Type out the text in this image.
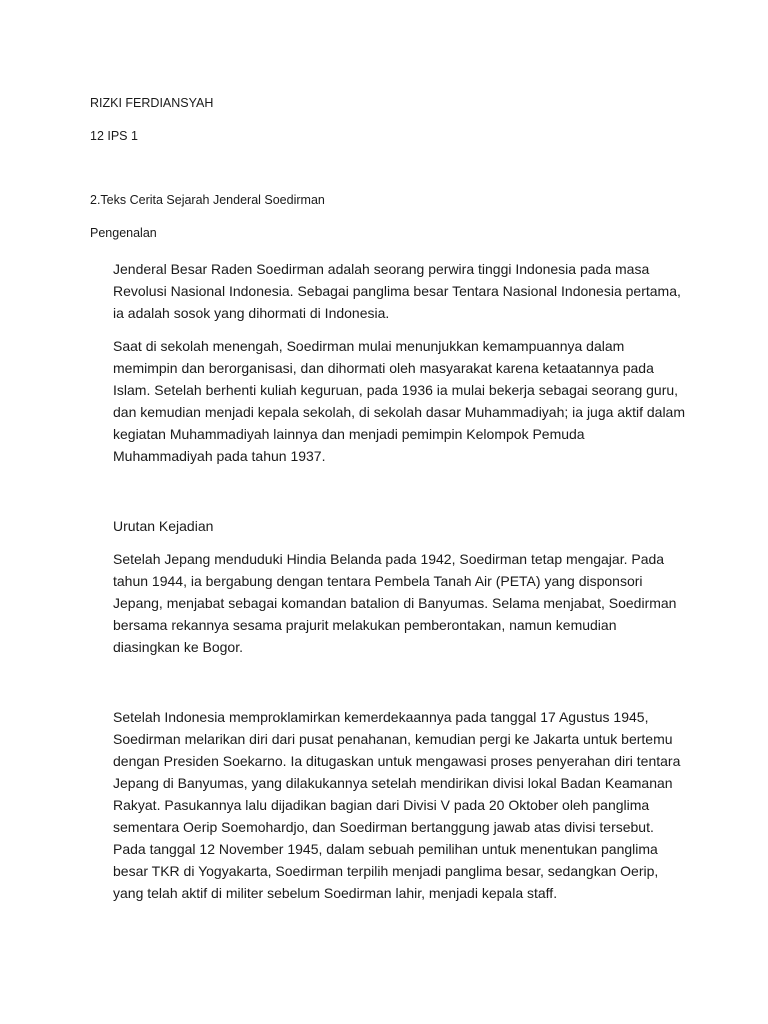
RIZKI FERDIANSYAH

12 IPS 1

2.Teks Cerita Sejarah Jenderal Soedirman

Pengenalan

Jenderal Besar Raden Soedirman adalah seorang perwira tinggi Indonesia pada masa Revolusi Nasional Indonesia. Sebagai panglima besar Tentara Nasional Indonesia pertama, ia adalah sosok yang dihormati di Indonesia.

Saat di sekolah menengah, Soedirman mulai menunjukkan kemampuannya dalam memimpin dan berorganisasi, dan dihormati oleh masyarakat karena ketaatannya pada Islam. Setelah berhenti kuliah keguruan, pada 1936 ia mulai bekerja sebagai seorang guru, dan kemudian menjadi kepala sekolah, di sekolah dasar Muhammadiyah; ia juga aktif dalam kegiatan Muhammadiyah lainnya dan menjadi pemimpin Kelompok Pemuda Muhammadiyah pada tahun 1937.

Urutan Kejadian

Setelah Jepang menduduki Hindia Belanda pada 1942, Soedirman tetap mengajar. Pada tahun 1944, ia bergabung dengan tentara Pembela Tanah Air (PETA) yang disponsori Jepang, menjabat sebagai komandan batalion di Banyumas. Selama menjabat, Soedirman bersama rekannya sesama prajurit melakukan pemberontakan, namun kemudian diasingkan ke Bogor.

Setelah Indonesia memproklamirkan kemerdekaannya pada tanggal 17 Agustus 1945, Soedirman melarikan diri dari pusat penahanan, kemudian pergi ke Jakarta untuk bertemu dengan Presiden Soekarno. Ia ditugaskan untuk mengawasi proses penyerahan diri tentara Jepang di Banyumas, yang dilakukannya setelah mendirikan divisi lokal Badan Keamanan Rakyat. Pasukannya lalu dijadikan bagian dari Divisi V pada 20 Oktober oleh panglima sementara Oerip Soemohardjo, dan Soedirman bertanggung jawab atas divisi tersebut. Pada tanggal 12 November 1945, dalam sebuah pemilihan untuk menentukan panglima besar TKR di Yogyakarta, Soedirman terpilih menjadi panglima besar, sedangkan Oerip, yang telah aktif di militer sebelum Soedirman lahir, menjadi kepala staff.
